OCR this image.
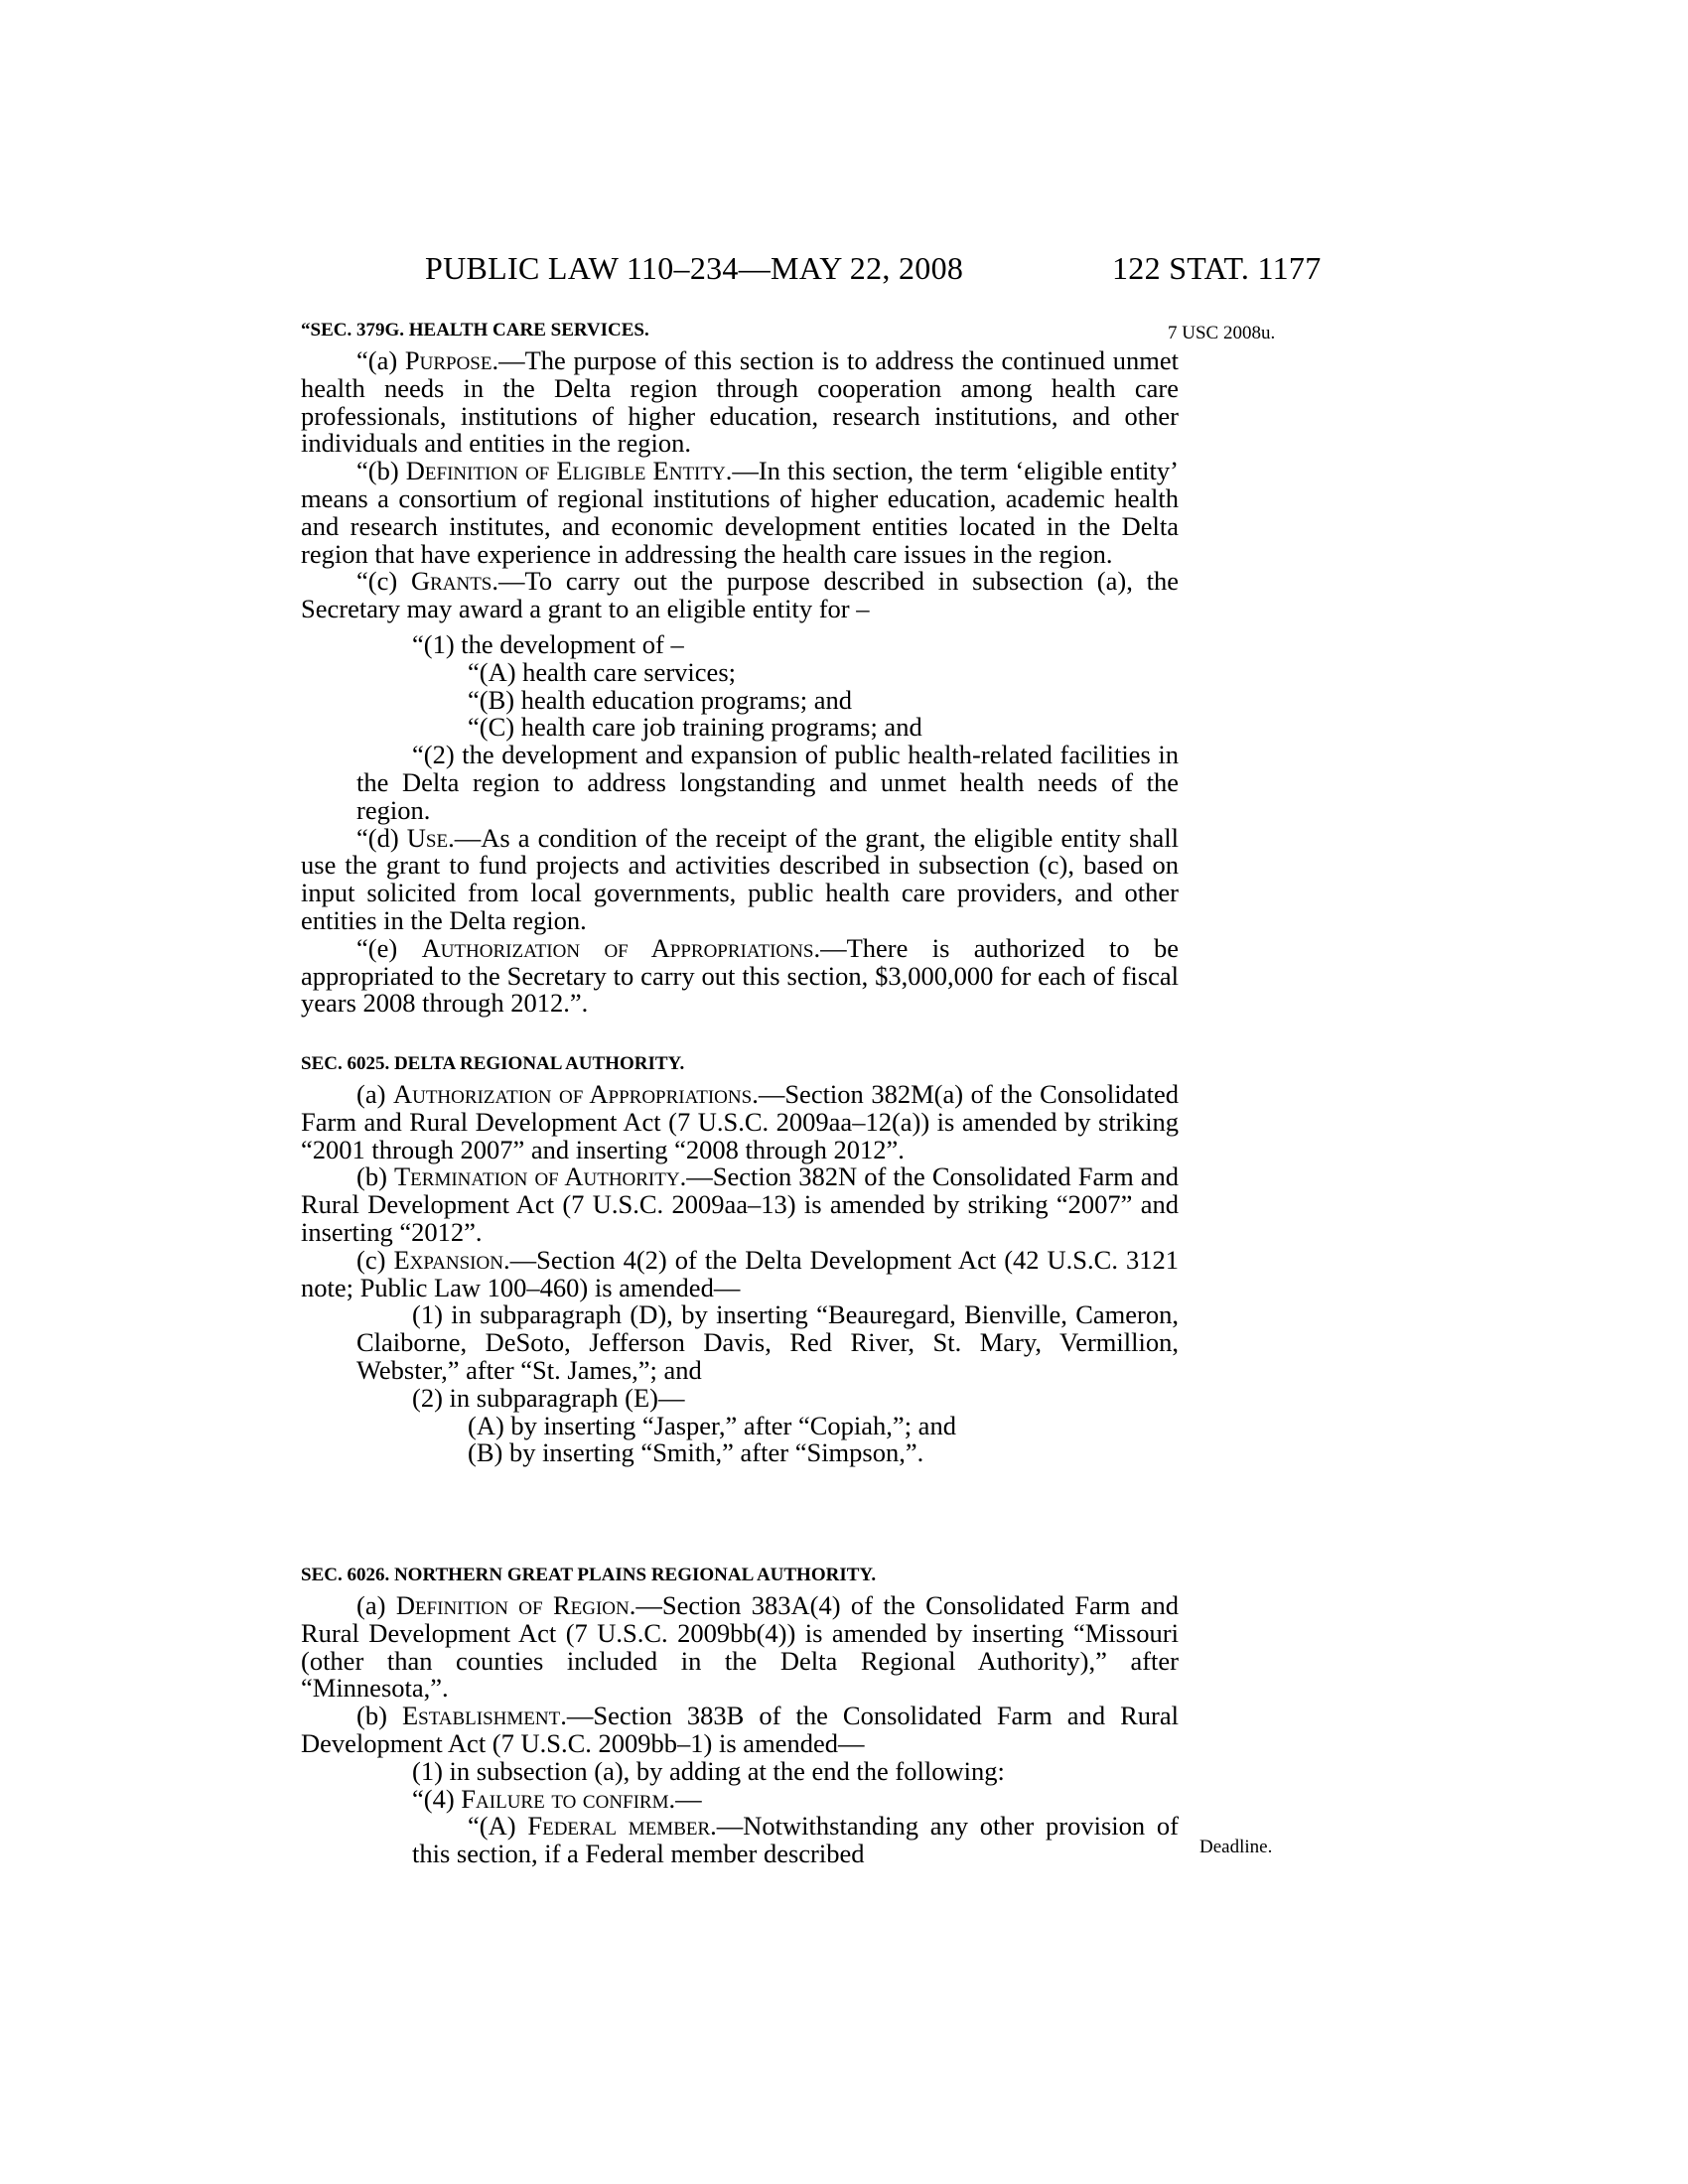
PUBLIC LAW 110–234—MAY 22, 2008	122 STAT. 1177
7 USC 2008u.
Deadline.
“SEC. 379G. HEALTH CARE SERVICES.

“(a) Purpose.—The purpose of this section is to address the continued unmet health needs in the Delta region through cooperation among health care professionals, institutions of higher education, research institutions, and other individuals and entities in the region.

“(b) Definition of Eligible Entity.—In this section, the term ‘eligible entity’ means a consortium of regional institutions of higher education, academic health and research institutes, and economic development entities located in the Delta region that have experience in addressing the health care issues in the region.

“(c) Grants.—To carry out the purpose described in subsection (a), the Secretary may award a grant to an eligible entity for –

“(1) the development of –

“(A) health care services;

“(B) health education programs; and

“(C) health care job training programs; and

“(2) the development and expansion of public health-related facilities in the Delta region to address longstanding and unmet health needs of the region.

“(d) Use.—As a condition of the receipt of the grant, the eligible entity shall use the grant to fund projects and activities described in subsection (c), based on input solicited from local governments, public health care providers, and other entities in the Delta region.

“(e) Authorization of Appropriations.—There is authorized to be appropriated to the Secretary to carry out this section, $3,000,000 for each of fiscal years 2008 through 2012.”.

SEC. 6025. DELTA REGIONAL AUTHORITY.

(a) Authorization of Appropriations.—Section 382M(a) of the Consolidated Farm and Rural Development Act (7 U.S.C. 2009aa–12(a)) is amended by striking “2001 through 2007” and inserting “2008 through 2012”.

(b) Termination of Authority.—Section 382N of the Consolidated Farm and Rural Development Act (7 U.S.C. 2009aa–13) is amended by striking “2007” and inserting “2012”.

(c) Expansion.—Section 4(2) of the Delta Development Act (42 U.S.C. 3121 note; Public Law 100–460) is amended—

(1) in subparagraph (D), by inserting “Beauregard, Bienville, Cameron, Claiborne, DeSoto, Jefferson Davis, Red River, St. Mary, Vermillion, Webster,” after “St. James,”; and

(2) in subparagraph (E)—

(A) by inserting “Jasper,” after “Copiah,”; and

(B) by inserting “Smith,” after “Simpson,”.

SEC. 6026. NORTHERN GREAT PLAINS REGIONAL AUTHORITY.

(a) Definition of Region.—Section 383A(4) of the Consolidated Farm and Rural Development Act (7 U.S.C. 2009bb(4)) is amended by inserting “Missouri (other than counties included in the Delta Regional Authority),” after “Minnesota,”.

(b) Establishment.—Section 383B of the Consolidated Farm and Rural Development Act (7 U.S.C. 2009bb–1) is amended—

(1) in subsection (a), by adding at the end the following:

“(4) Failure to confirm.—

“(A) Federal member.—Notwithstanding any other provision of this section, if a Federal member described
